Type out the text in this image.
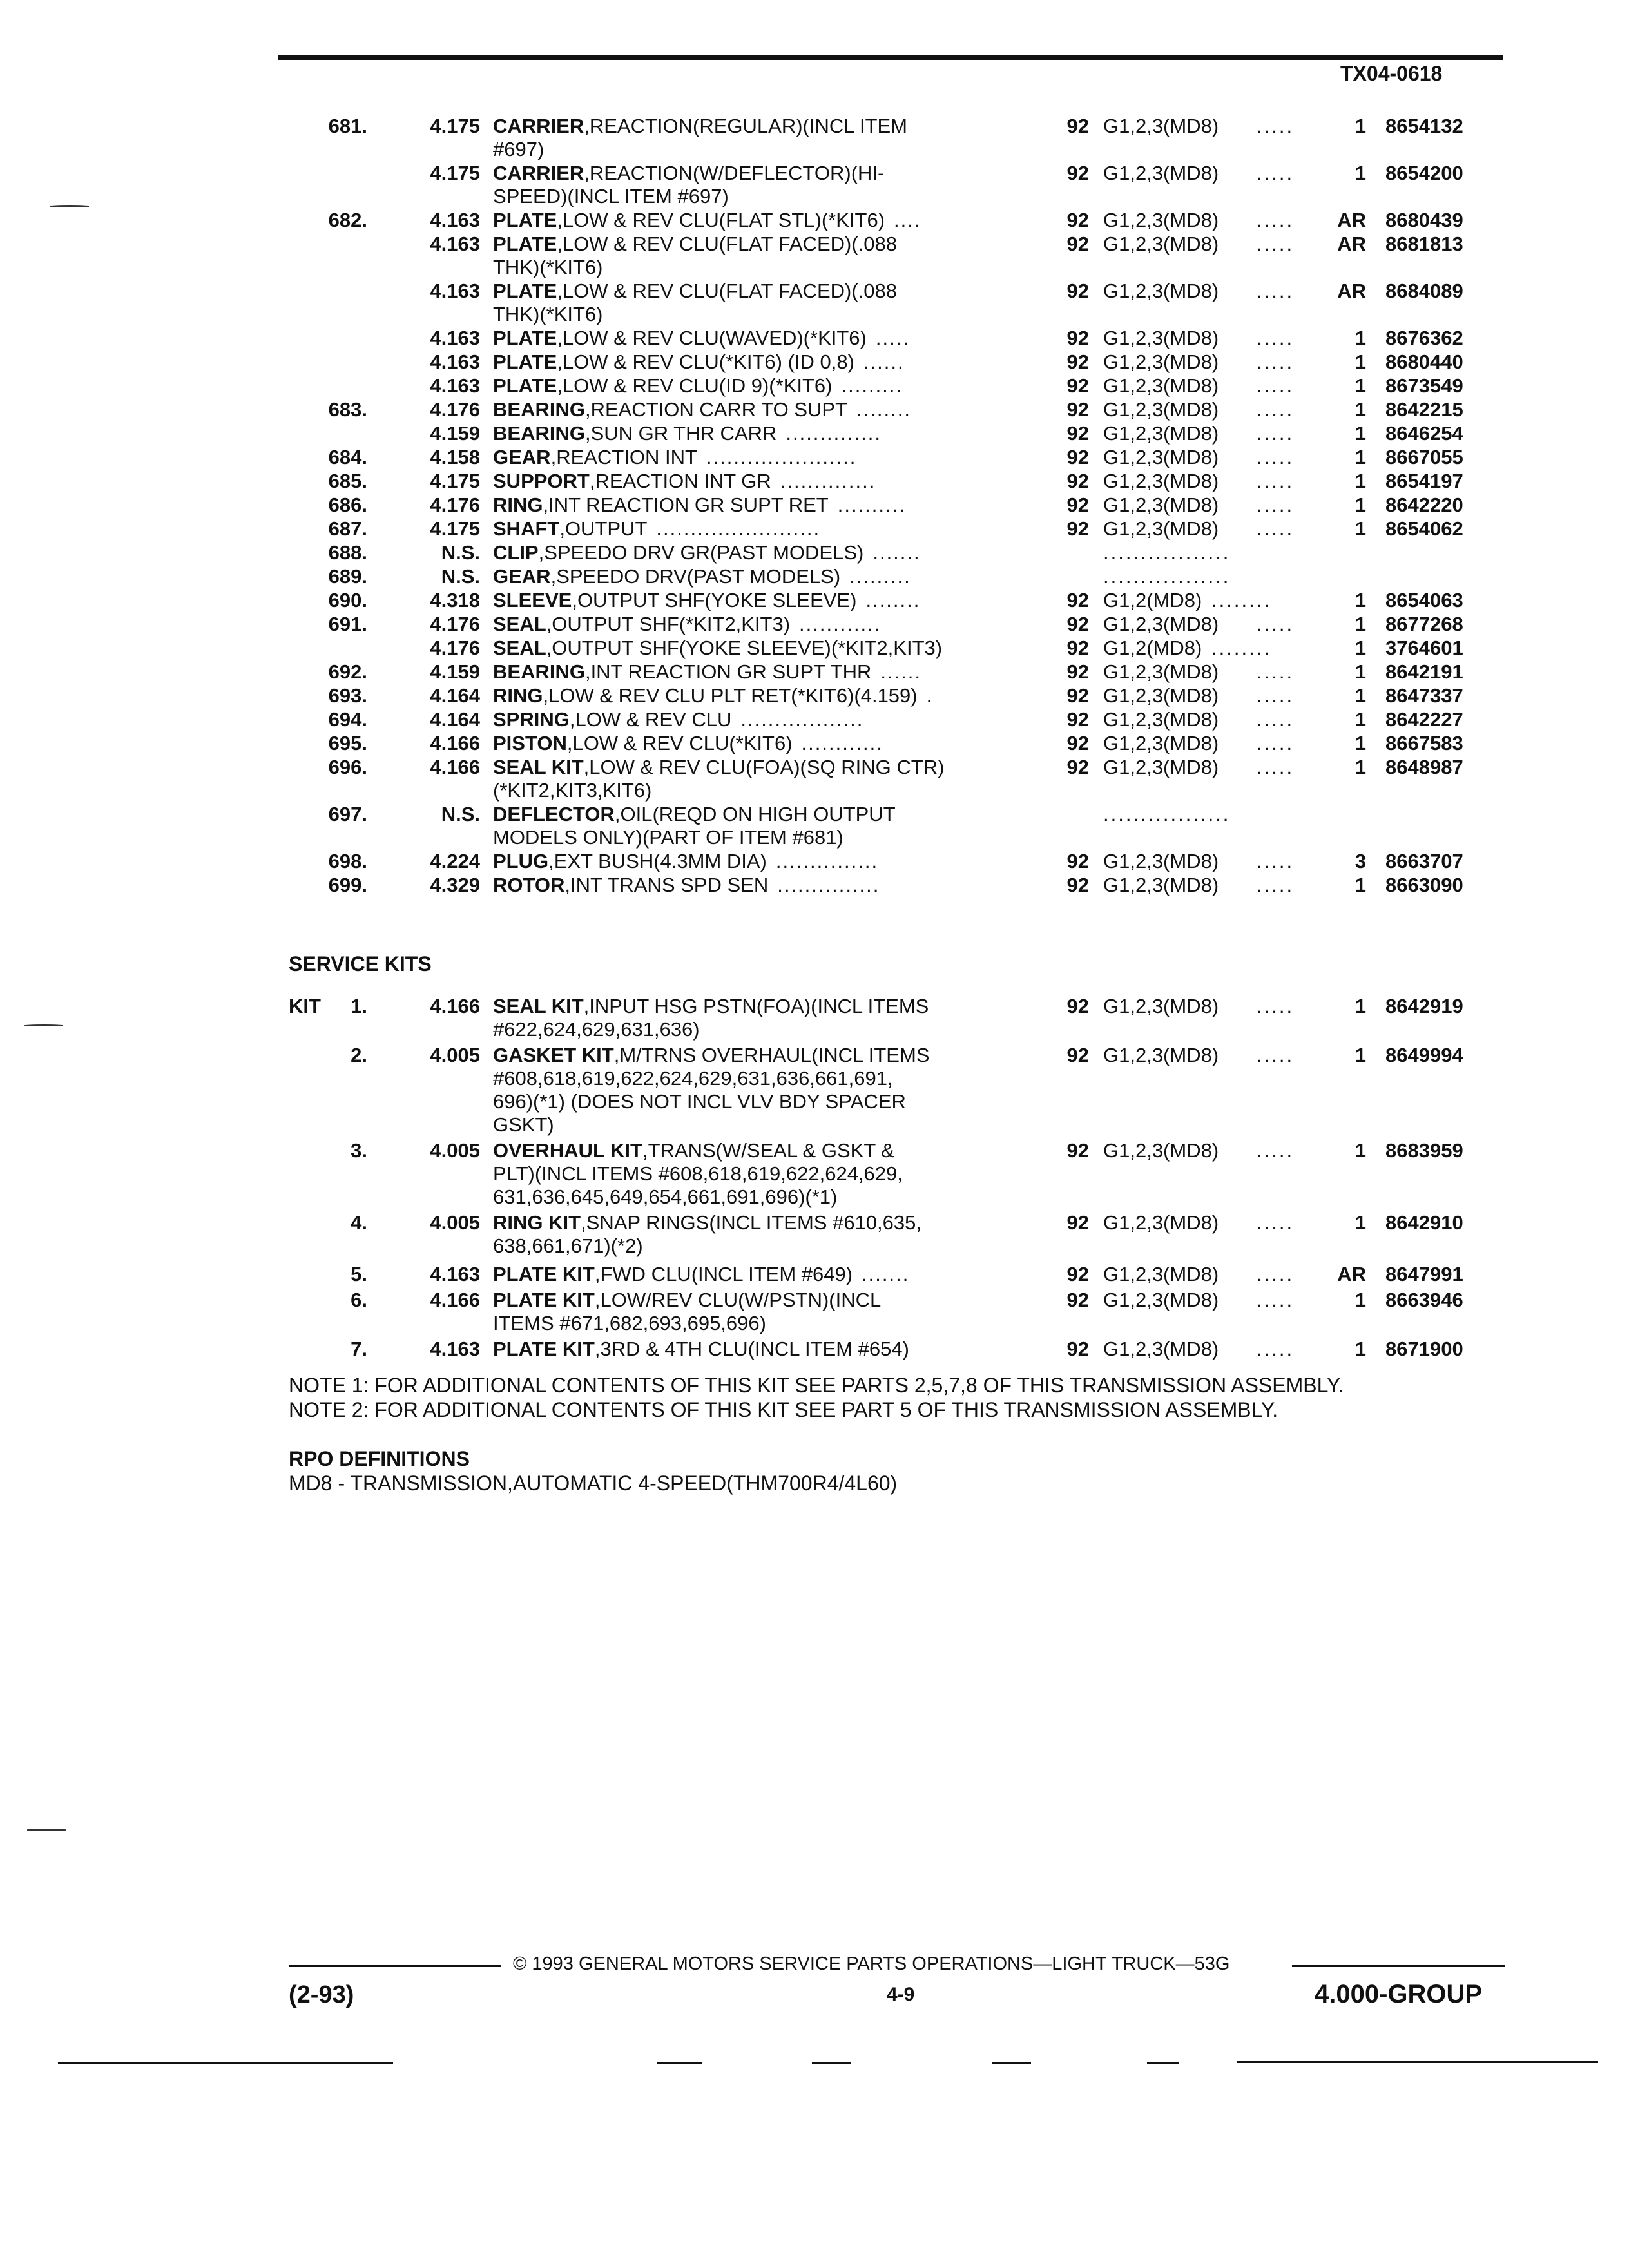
TX04-0618
681.	4.175 CARRIER,REACTION(REGULAR)(INCL ITEM	92 G1,2,3(MD8) .....	1 8654132
#697)
4.175 CARRIER,REACTION(W/DEFLECTOR)(HI-	92 G1,2,3(MD8) .....	1 8654200
SPEED)(INCL ITEM #697)
682.	4.163 PLATE,LOW & REV CLU(FLAT STL)(*KIT6) ....	92 G1,2,3(MD8) .....	AR 8680439
4.163 PLATE,LOW & REV CLU(FLAT FACED)(.088	92 G1,2,3(MD8) .....	AR 8681813
THK)(*KIT6)
4.163 PLATE,LOW & REV CLU(FLAT FACED)(.088	92 G1,2,3(MD8) .....	AR 8684089
THK)(*KIT6)
4.163 PLATE,LOW & REV CLU(WAVED)(*KIT6) .....	92 G1,2,3(MD8) .....	1 8676362
4.163 PLATE,LOW & REV CLU(*KIT6) (ID 0,8) ......	92 G1,2,3(MD8) .....	1 8680440
4.163 PLATE,LOW & REV CLU(ID 9)(*KIT6) .........	92 G1,2,3(MD8) .....	1 8673549
683.	4.176 BEARING,REACTION CARR TO SUPT ........	92 G1,2,3(MD8) .....	1 8642215
4.159 BEARING,SUN GR THR CARR ..............	92 G1,2,3(MD8) .....	1 8646254
684.	4.158 GEAR,REACTION INT ......................	92 G1,2,3(MD8) .....	1 8667055
685.	4.175 SUPPORT,REACTION INT GR ..............	92 G1,2,3(MD8) .....	1 8654197
686.	4.176 RING,INT REACTION GR SUPT RET ..........	92 G1,2,3(MD8) .....	1 8642220
687.	4.175 SHAFT,OUTPUT ........................	92 G1,2,3(MD8) .....	1 8654062
688.	N.S. CLIP,SPEEDO DRV GR(PAST MODELS) .......	.................
689.	N.S. GEAR,SPEEDO DRV(PAST MODELS) .........	.................
690.	4.318 SLEEVE,OUTPUT SHF(YOKE SLEEVE) ........	92 G1,2(MD8) ........	1 8654063
691.	4.176 SEAL,OUTPUT SHF(*KIT2,KIT3) ............	92 G1,2,3(MD8) .....	1 8677268
4.176 SEAL,OUTPUT SHF(YOKE SLEEVE)(*KIT2,KIT3)	92 G1,2(MD8) ........	1 3764601
692.	4.159 BEARING,INT REACTION GR SUPT THR ......	92 G1,2,3(MD8) .....	1 8642191
693.	4.164 RING,LOW & REV CLU PLT RET(*KIT6)(4.159) .	92 G1,2,3(MD8) .....	1 8647337
694.	4.164 SPRING,LOW & REV CLU ..................	92 G1,2,3(MD8) .....	1 8642227
695.	4.166 PISTON,LOW & REV CLU(*KIT6) ............	92 G1,2,3(MD8) .....	1 8667583
696.	4.166 SEAL KIT,LOW & REV CLU(FOA)(SQ RING CTR)	92 G1,2,3(MD8) .....	1 8648987
(*KIT2,KIT3,KIT6)
697.	N.S. DEFLECTOR,OIL(REQD ON HIGH OUTPUT	.................
MODELS ONLY)(PART OF ITEM #681)
698.	4.224 PLUG,EXT BUSH(4.3MM DIA) ...............	92 G1,2,3(MD8) .....	3 8663707
699.	4.329 ROTOR,INT TRANS SPD SEN ...............	92 G1,2,3(MD8) .....	1 8663090
SERVICE KITS
KIT	1.	4.166 SEAL KIT,INPUT HSG PSTN(FOA)(INCL ITEMS	92 G1,2,3(MD8) .....	1 8642919
#622,624,629,631,636)
2.	4.005 GASKET KIT,M/TRNS OVERHAUL(INCL ITEMS	92 G1,2,3(MD8) .....	1 8649994
#608,618,619,622,624,629,631,636,661,691,
696)(*1) (DOES NOT INCL VLV BDY SPACER
GSKT)
3.	4.005 OVERHAUL KIT,TRANS(W/SEAL & GSKT &	92 G1,2,3(MD8) .....	1 8683959
PLT)(INCL ITEMS #608,618,619,622,624,629,
631,636,645,649,654,661,691,696)(*1)
4.	4.005 RING KIT,SNAP RINGS(INCL ITEMS #610,635,	92 G1,2,3(MD8) .....	1 8642910
638,661,671)(*2)
5.	4.163 PLATE KIT,FWD CLU(INCL ITEM #649) .......	92 G1,2,3(MD8) .....	AR 8647991
6.	4.166 PLATE KIT,LOW/REV CLU(W/PSTN)(INCL	92 G1,2,3(MD8) .....	1 8663946
ITEMS #671,682,693,695,696)
7.	4.163 PLATE KIT,3RD & 4TH CLU(INCL ITEM #654)	92 G1,2,3(MD8) .....	1 8671900
NOTE 1: FOR ADDITIONAL CONTENTS OF THIS KIT SEE PARTS 2,5,7,8 OF THIS TRANSMISSION ASSEMBLY.
NOTE 2: FOR ADDITIONAL CONTENTS OF THIS KIT SEE PART 5 OF THIS TRANSMISSION ASSEMBLY.
RPO DEFINITIONS
MD8 - TRANSMISSION,AUTOMATIC 4-SPEED(THM700R4/4L60)
© 1993 GENERAL MOTORS SERVICE PARTS OPERATIONS—LIGHT TRUCK—53G
(2-93)	4-9	4.000-GROUP
